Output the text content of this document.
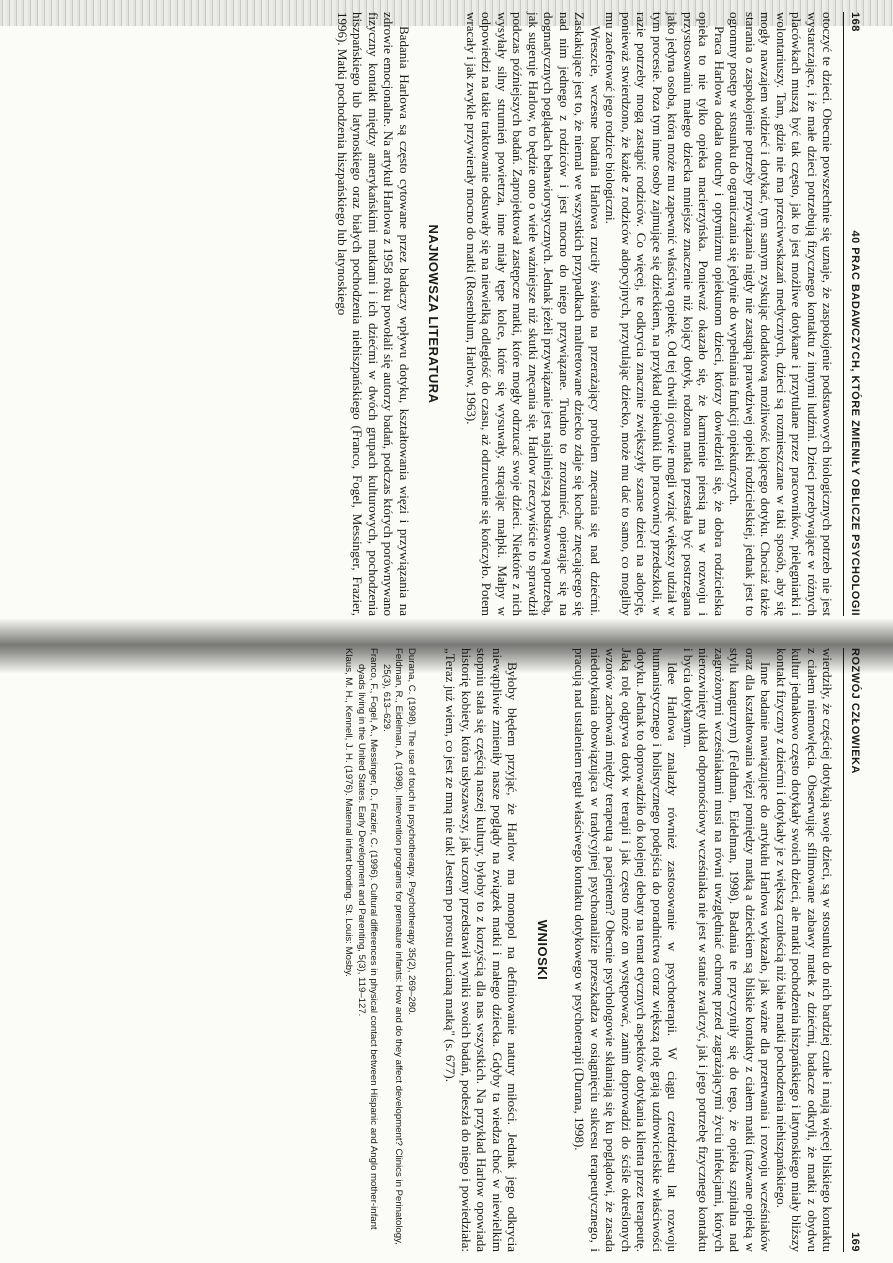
168
40 PRAC BADAWCZYCH, KTÓRE ZMIENIŁY OBLICZE PSYCHOLOGII

otoczyć te dzieci. Obecnie powszechnie się uznaje, że zaspokojenie podstawowych biologicznych potrzeb nie jest wystarczające, i że małe dzieci potrzebują fizycznego kontaktu z innymi ludźmi. Dzieci przebywające w różnych placówkach muszą być tak często, jak to jest możliwe dotykane i przytulane przez pracowników, pielęgniarki i wolontariuszy. Tam, gdzie nie ma przeciwwskazań medycznych, dzieci są rozmieszczane w taki sposób, aby się mogły nawzajem widzieć i dotykać, tym samym zyskując dodatkową możliwość kojącego dotyku. Chociaż także starania o zaspokojenie potrzeby przywiązania nigdy nie zastąpią prawdziwej opieki rodzicielskiej, jednak jest to ogromny postęp w stosunku do ograniczania się jedynie do wypełniania funkcji opiekuńczych.

Praca Harlowa dodała otuchy i optymizmu opiekunom dzieci, którzy dowiedzieli się, że dobra rodzicielska opieka to nie tylko opieka macierzyńska. Ponieważ okazało się, że karmienie piersią ma w rozwoju i przystosowaniu małego dziecka mniejsze znaczenie niż kojący dotyk, rodzona matka przestała być postrzegana jako jedyna osoba, która może mu zapewnić właściwą opiekę. Od tej chwili ojcowie mogli wziąć większy udział w tym procesie. Poza tym inne osoby zajmujące się dzieckiem, na przykład opiekunki lub pracownicy przedszkoli, w razie potrzeby mogą zastąpić rodziców. Co więcej, te odkrycia znacznie zwiększyły szanse dzieci na adopcję, ponieważ stwierdzono, że każde z rodziców adopcyjnych, przytulając dziecko, może mu dać to samo, co mogliby mu zaoferować jego rodzice biologiczni.

Wreszcie, wczesne badania Harlowa rzuciły światło na przerażający problem znęcania się nad dziećmi. Zaskakujące jest to, że niemal we wszystkich przypadkach maltretowane dziecko zdaje się kochać znęcającego się nad nim jednego z rodziców i jest mocno do niego przywiązane. Trudno to zrozumieć, opierając się na dogmatycznych poglądach behawiorystycznych. Jednak jeżeli przywiązanie jest najsilniejszą podstawową potrzebą, jak sugeruje Harlow, to będzie ono o wiele ważniejsze niż skutki znęcania się. Harlow rzeczywiście to sprawdził podczas późniejszych badań. Zaprojektował zastępcze matki, które mogły odrzucać swoje dzieci. Niektóre z nich wysyłały silny strumień powietrza, inne miały tępe kolce, które się wysuwały, strącając małpki. Małpy w odpowiedzi na takie traktowanie odsuwały się na niewielką odległość do czasu, aż odrzucenie się kończyło. Potem wracały i jak zwykle przywierały mocno do matki (Rosenblum, Harlow, 1963).

NAJNOWSZA LITERATURA

Badania Harlowa są często cytowane przez badaczy wpływu dotyku, kształtowania więzi i przywiązania na zdrowie emocjonalne. Na artykuł Harlowa z 1958 roku powołali się autorzy badań, podczas których porównywano fizyczny kontakt między amerykańskimi matkami i ich dziećmi w dwóch grupach kulturowych, pochodzenia hiszpańskiego lub latynoskiego oraz białych pochodzenia niehiszpańskiego (Franco, Fogel, Messinger, Frazier, 1996). Matki pochodzenia hiszpańskiego lub latynoskiego

ROZWÓJ CZŁOWIEKA
169

wierdziły, że częściej dotykają swoje dzieci, są w stosunku do nich bardziej czułe i mają więcej bliskiego kontaktu z ciałem niemowlęcia. Obserwując sfilmowane zabawy matek z dziećmi, badacze odkryli, że matki z obydwu kultur jednakowo często dotykały swoich dzieci, ale matki pochodzenia hiszpańskiego i latynoskiego miały bliższy kontakt fizyczny z dziećmi i dotykały je z większą czułością niż białe matki pochodzenia niehiszpańskiego.

Inne badanie nawiązujące do artykułu Harlowa wykazało, jak ważne dla przetrwania i rozwoju wcześniaków oraz dla kształtowania więzi pomiędzy matką a dzieckiem są bliskie kontakty z ciałem matki (nazwane opieką w stylu kangurzym) (Feldman, Eidelman, 1998). Badania te przyczyniły się do tego, że opieka szpitalna nad zagrożonymi wcześniakami musi na równi uwzględniać ochronę przed zagrażającymi życiu infekcjami, których nierozwinięty układ odpornościowy wcześniaka nie jest w stanie zwalczyć, jak i jego potrzebę fizycznego kontaktu i bycia dotykanym.

Idee Harlowa znalazły również zastosowanie w psychoterapii. W ciągu czterdziestu lat rozwoju humanistycznego i holistycznego podejścia do poradnictwa coraz większą rolę grają uzdrowicielskie właściwości dotyku. Jednak to doprowadziło do kolejnej debaty na temat etycznych aspektów dotykania klienta przez terapeutę. Jaką rolę odgrywa dotyk w terapii i jak często może on występować, zanim doprowadzi do ściśle określonych wzorów zachowań między terapeutą a pacjentem? Obecnie psychologowie skłaniają się ku poglądowi, że zasada niedotykania obowiązująca w tradycyjnej psychoanalizie przeszkadza w osiągnięciu sukcesu terapeutycznego, i pracują nad ustaleniem reguł właściwego kontaktu dotykowego w psychoterapii (Durana, 1998).

WNIOSKI

Byłoby błędem przyjąć, że Harlow ma monopol na definiowanie natury miłości. Jednak jego odkrycia niewątpliwie zmieniły nasze poglądy na związek matki i małego dziecka. Gdyby ta wiedza choć w niewielkim stopniu stała się częścią naszej kultury, byłoby to z korzyścią dla nas wszystkich. Na przykład Harlow opowiada historię kobiety, która usłyszawszy, jak uczony przedstawił wyniki swoich badań, podeszła do niego i powiedziała: „Teraz już wiem, co jest ze mną nie tak! Jestem po prostu drucianą matką" (s. 677).

Durana, C. (1998). The use of touch in psychotherapy. Psychotherapy 35(2), 269–280.

Feldman, R., Eidelman, A. (1998). Intervention programs for premature infants: How and do they affect development? Clinics in Perinatology, 25(3), 613–629.

Franco, F., Fogel, A., Messinger, D., Frazier, C. (1996). Cultural differences in physical contact between Hispanic and Anglo mother-infant dyads living in the United States. Early Development and Parenting, 5(3), 119–127.

Klaus, M. H., Kennell, J. H. (1976). Maternal infant bonding. St. Louis: Mosby.
